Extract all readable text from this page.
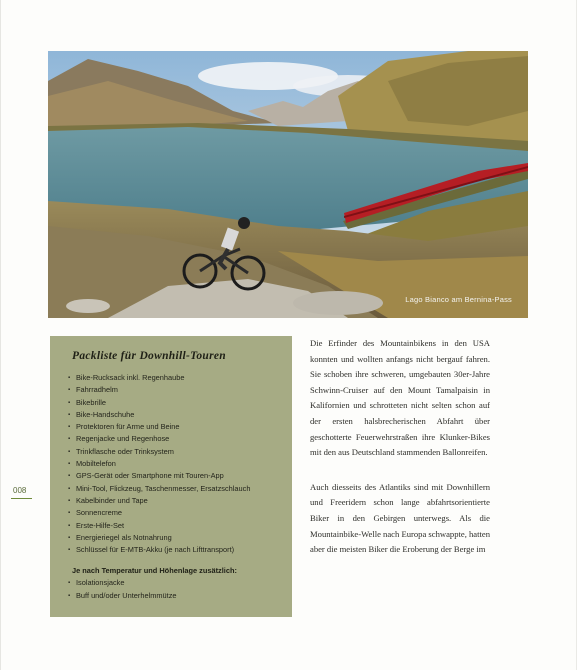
Lago Bianco am Bernina-Pass
Packliste für Downhill-Touren
▪ Bike-Rucksack inkl. Regenhaube
▪ Fahrradhelm
▪ Bikebrille
▪ Bike-Handschuhe
▪ Protektoren für Arme und Beine
▪ Regenjacke und Regenhose
▪ Trinkflasche oder Trinksystem
▪ Mobiltelefon
▪ GPS-Gerät oder Smartphone mit Touren-App
▪ Mini-Tool, Flickzeug, Taschenmesser, Ersatzschlauch
▪ Kabelbinder und Tape
▪ Sonnencreme
▪ Erste-Hilfe-Set
▪ Energieriegel als Notnahrung
▪ Schlüssel für E-MTB-Akku (je nach Lifttransport)
Je nach Temperatur und Höhenlage zusätzlich:
▪ Isolationsjacke
▪ Buff und/oder Unterhelmmütze
008

Die Erfinder des Mountainbikens in den USA konnten und wollten anfangs nicht bergauf fahren. Sie schoben ihre schweren, umgebauten 30er-Jahre Schwinn-Cruiser auf den Mount Tamalpaisin in Kalifornien und schrotteten nicht selten schon auf der ersten halsbrecherischen Abfahrt über geschotterte Feuerwehrstraßen ihre Klunker-Bikes mit den aus Deutschland stammenden Ballonreifen.

Auch diesseits des Atlantiks sind mit Downhillern und Freeridern schon lange abfahrtsorientierte Biker in den Gebirgen unterwegs. Als die Mountainbike-Welle nach Europa schwappte, hatten aber die meisten Biker die Eroberung der Berge im
